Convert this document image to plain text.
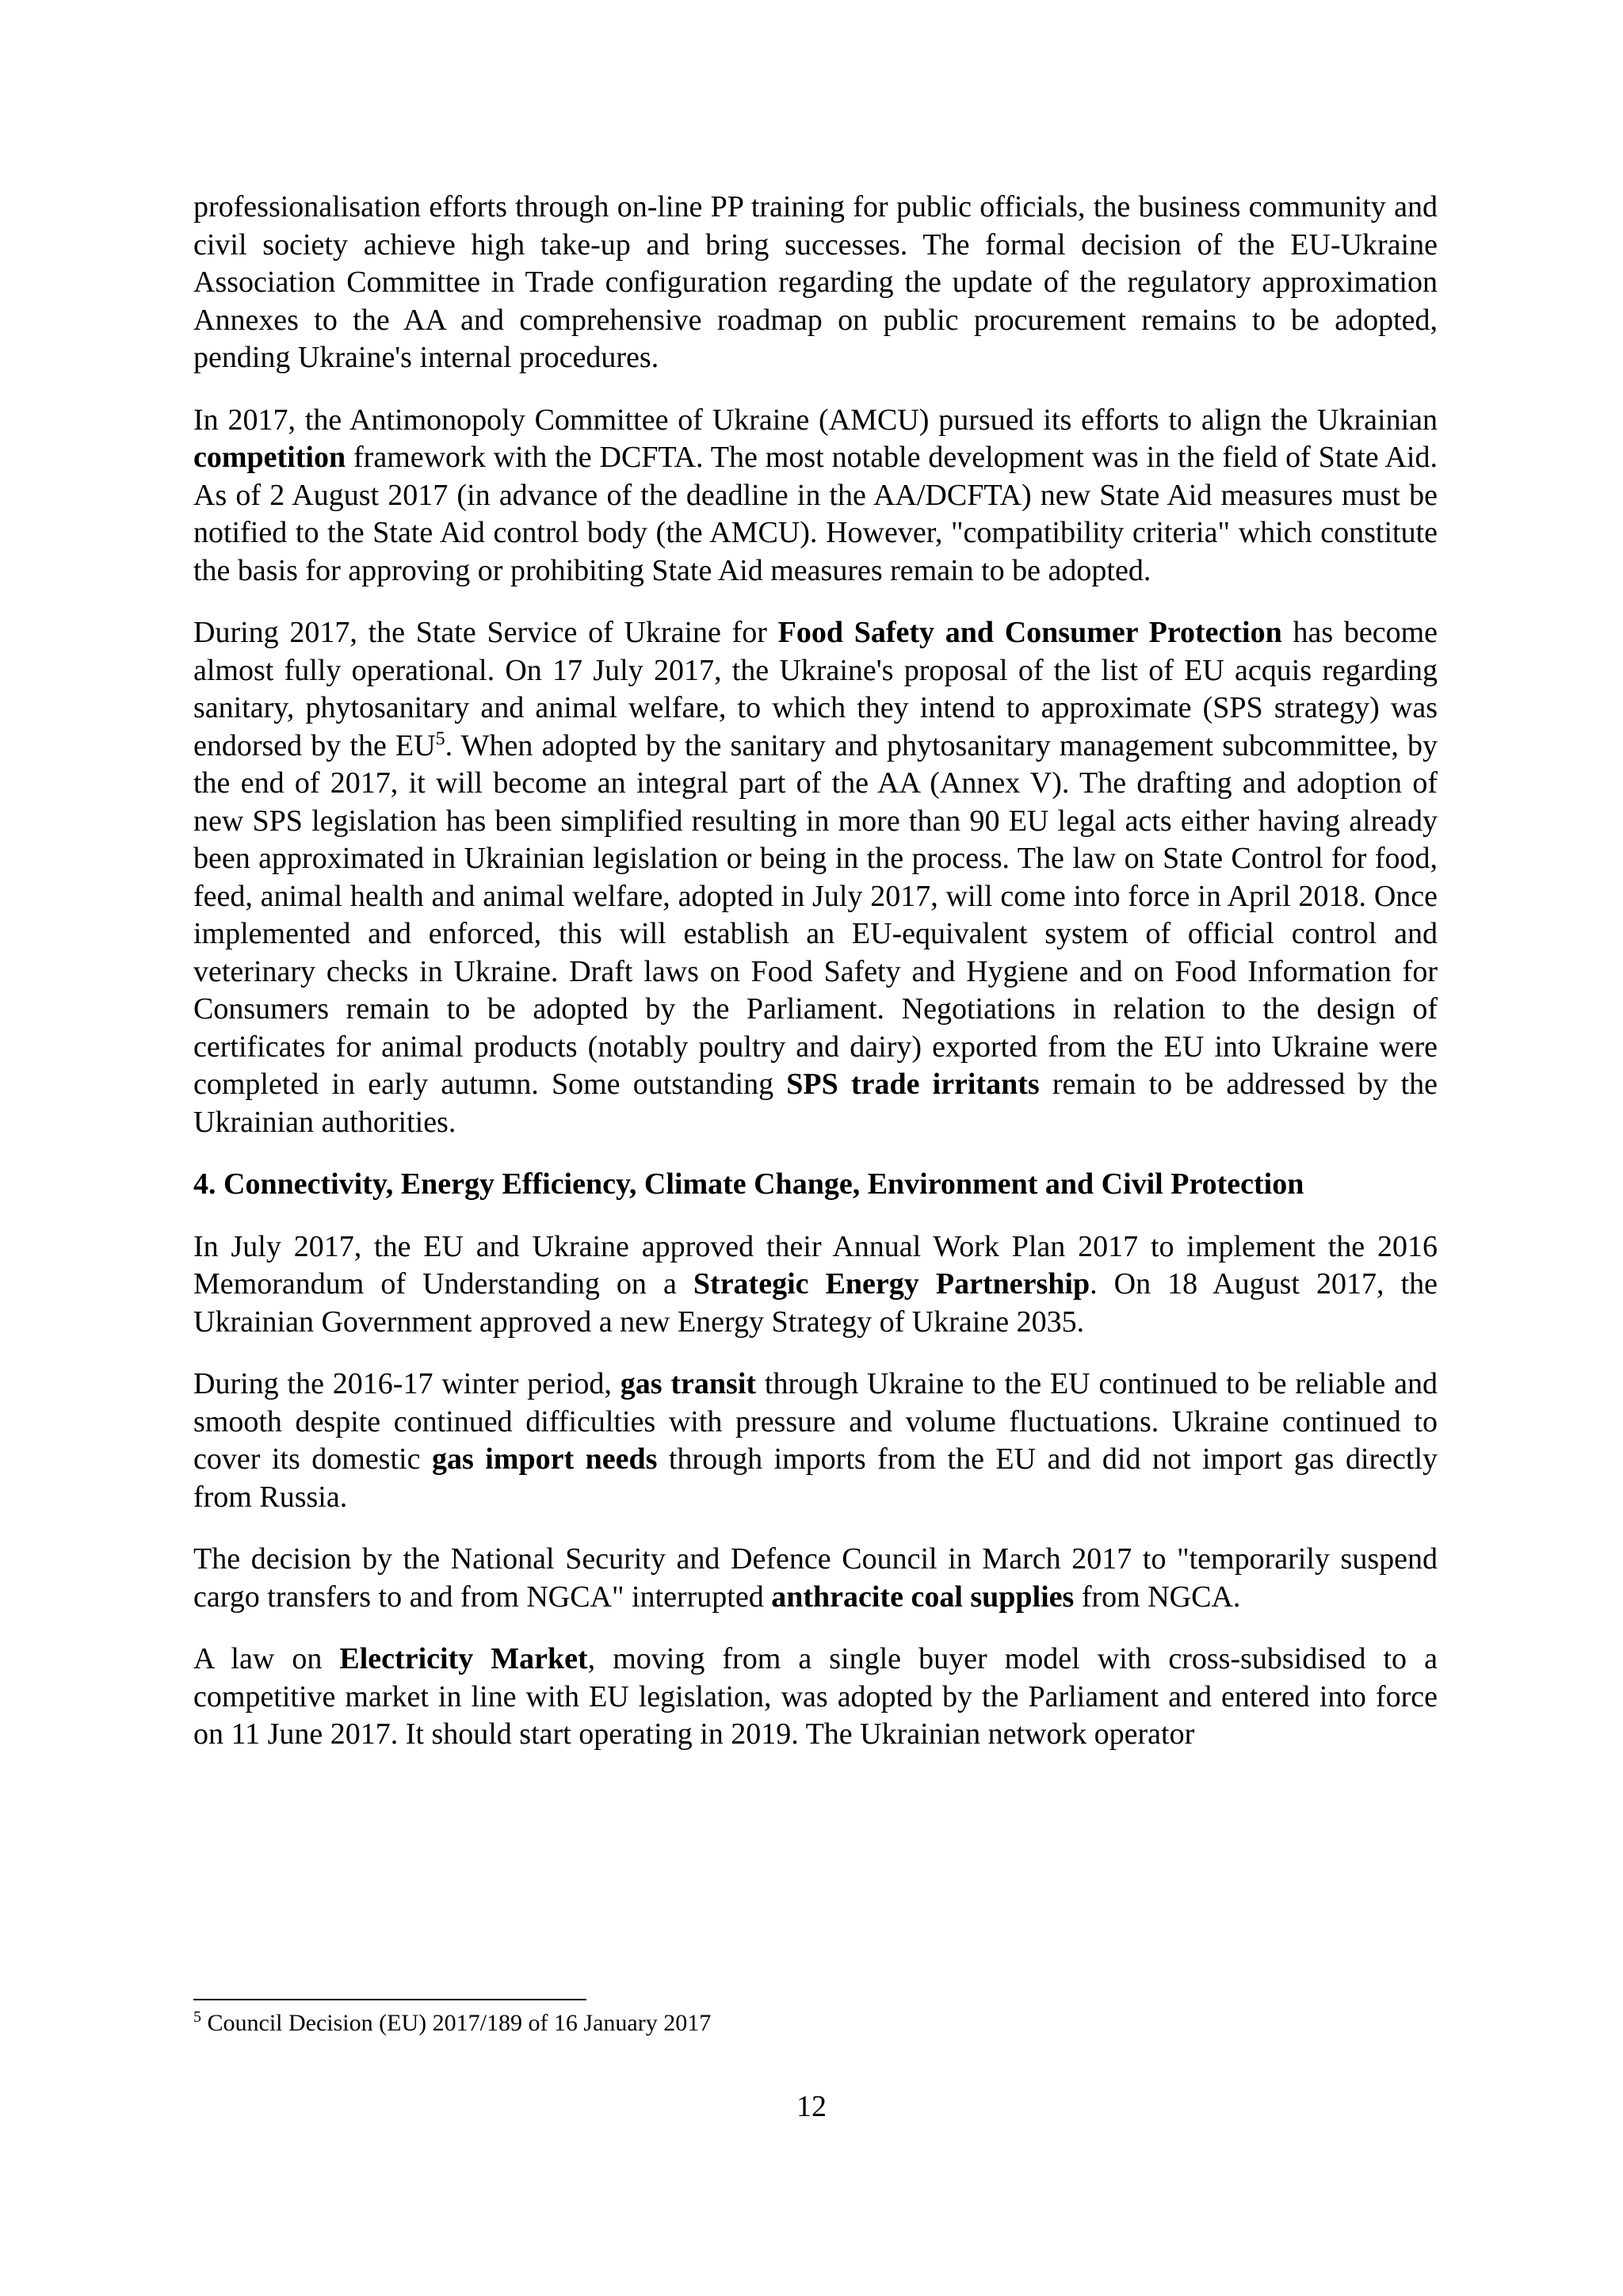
professionalisation efforts through on-line PP training for public officials, the business community and civil society achieve high take-up and bring successes. The formal decision of the EU-Ukraine Association Committee in Trade configuration regarding the update of the regulatory approximation Annexes to the AA and comprehensive roadmap on public procurement remains to be adopted, pending Ukraine's internal procedures.

In 2017, the Antimonopoly Committee of Ukraine (AMCU) pursued its efforts to align the Ukrainian competition framework with the DCFTA. The most notable development was in the field of State Aid. As of 2 August 2017 (in advance of the deadline in the AA/DCFTA) new State Aid measures must be notified to the State Aid control body (the AMCU). However, "compatibility criteria" which constitute the basis for approving or prohibiting State Aid measures remain to be adopted.

During 2017, the State Service of Ukraine for Food Safety and Consumer Protection has become almost fully operational. On 17 July 2017, the Ukraine's proposal of the list of EU acquis regarding sanitary, phytosanitary and animal welfare, to which they intend to approximate (SPS strategy) was endorsed by the $EU^5$. When adopted by the sanitary and phytosanitary management subcommittee, by the end of 2017, it will become an integral part of the AA (Annex V). The drafting and adoption of new SPS legislation has been simplified resulting in more than 90 EU legal acts either having already been approximated in Ukrainian legislation or being in the process. The law on State Control for food, feed, animal health and animal welfare, adopted in July 2017, will come into force in April 2018. Once implemented and enforced, this will establish an EU-equivalent system of official control and veterinary checks in Ukraine. Draft laws on Food Safety and Hygiene and on Food Information for Consumers remain to be adopted by the Parliament. Negotiations in relation to the design of certificates for animal products (notably poultry and dairy) exported from the EU into Ukraine were completed in early autumn. Some outstanding SPS trade irritants remain to be addressed by the Ukrainian authorities.

4. Connectivity, Energy Efficiency, Climate Change, Environment and Civil Protection

In July 2017, the EU and Ukraine approved their Annual Work Plan 2017 to implement the 2016 Memorandum of Understanding on a Strategic Energy Partnership. On 18 August 2017, the Ukrainian Government approved a new Energy Strategy of Ukraine 2035.

During the 2016-17 winter period, gas transit through Ukraine to the EU continued to be reliable and smooth despite continued difficulties with pressure and volume fluctuations. Ukraine continued to cover its domestic gas import needs through imports from the EU and did not import gas directly from Russia.

The decision by the National Security and Defence Council in March 2017 to "temporarily suspend cargo transfers to and from NGCA" interrupted anthracite coal supplies from NGCA.

A law on Electricity Market, moving from a single buyer model with cross-subsidised to a competitive market in line with EU legislation, was adopted by the Parliament and entered into force on 11 June 2017. It should start operating in 2019. The Ukrainian network operator

$^5$ Council Decision (EU) 2017/189 of 16 January 2017
12
